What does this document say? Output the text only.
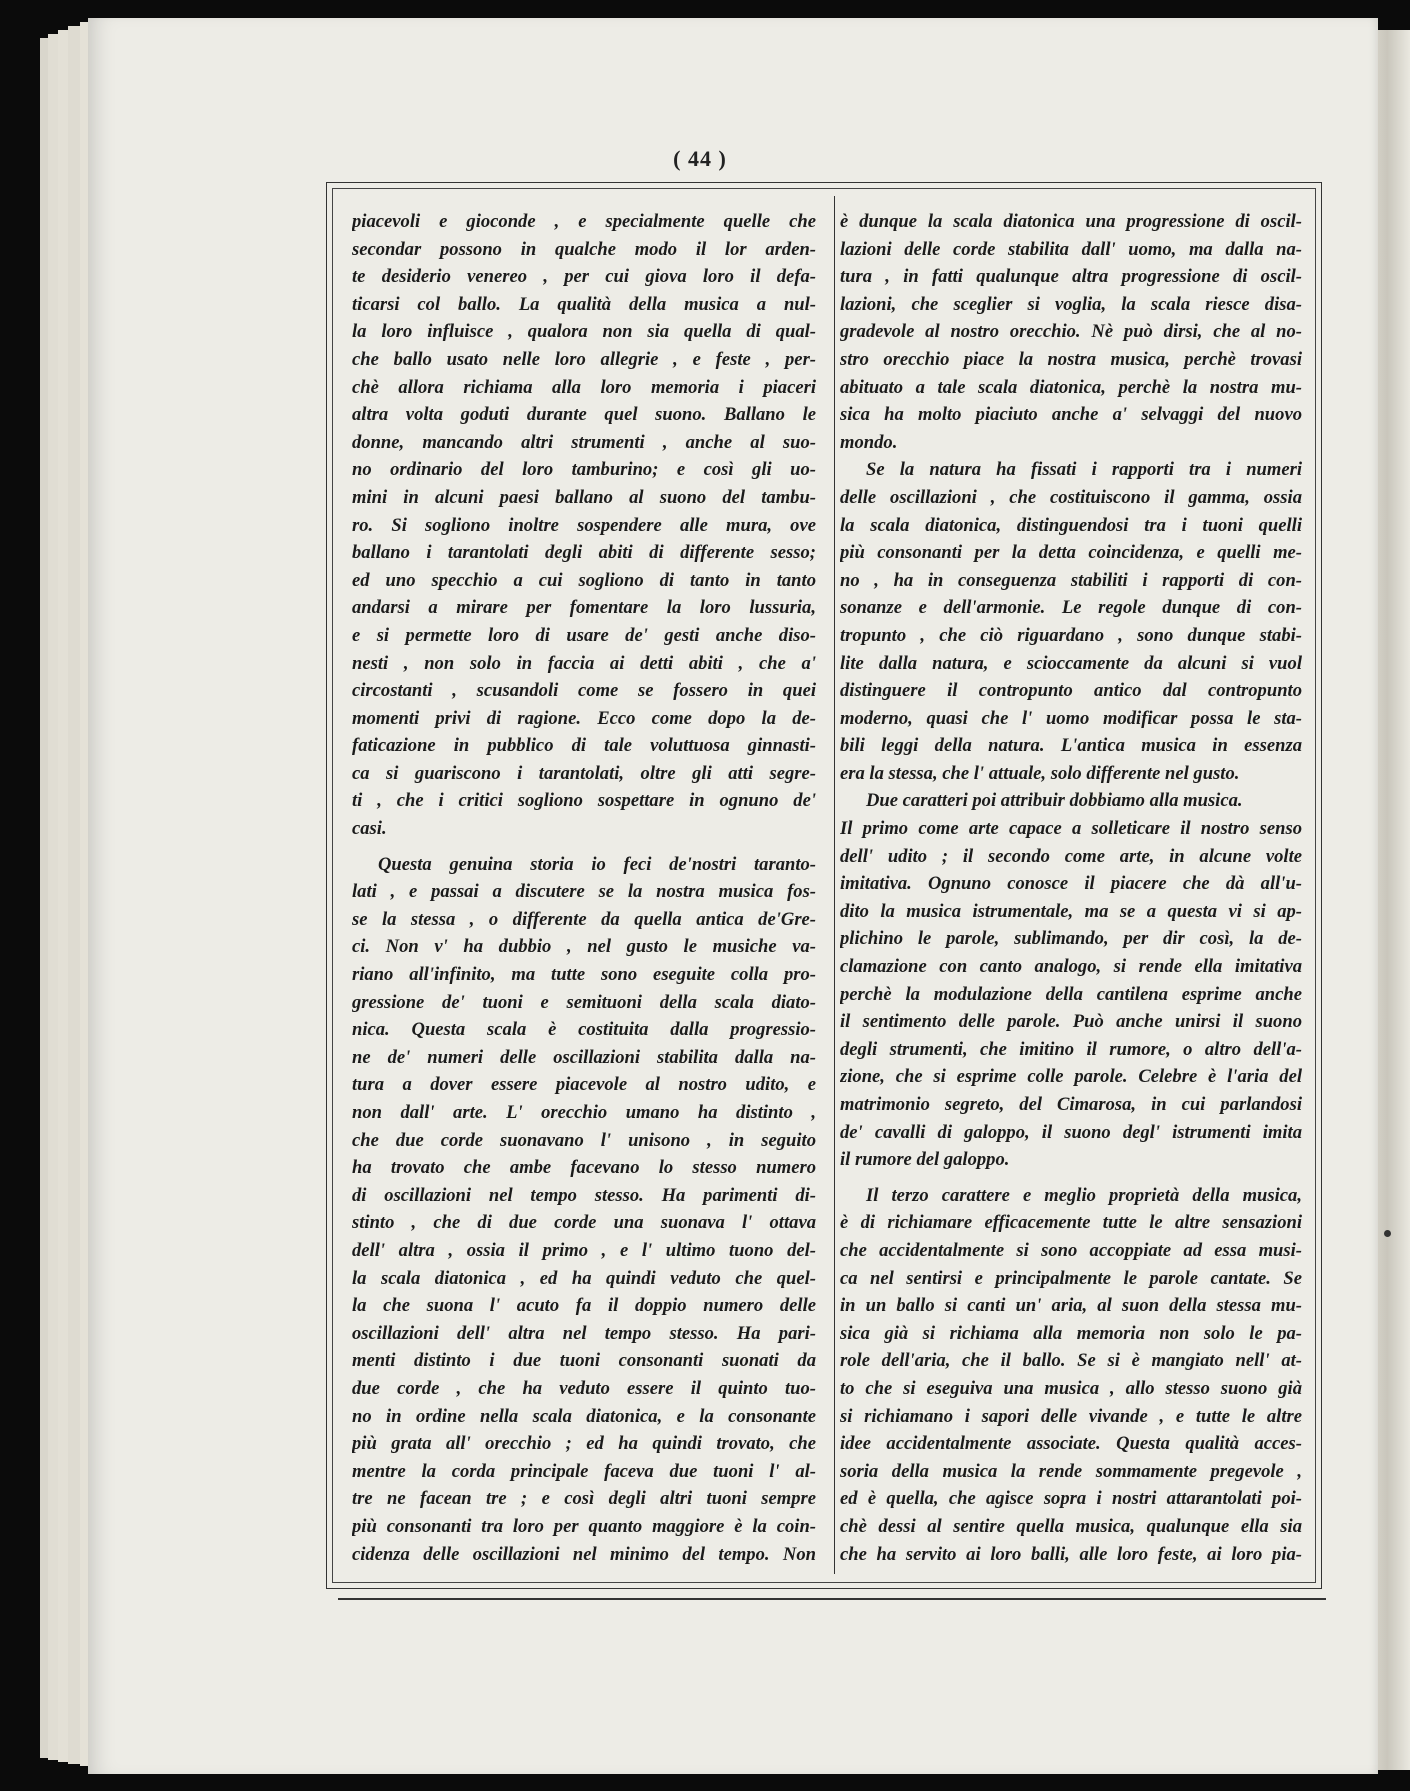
( 44 )

piacevoli e gioconde , e specialmente quelle che

secondar possono in qualche modo il lor arden-

te desiderio venereo , per cui giova loro il defa-

ticarsi col ballo. La qualità della musica a nul-

la loro influisce , qualora non sia quella di qual-

che ballo usato nelle loro allegrie , e feste , per-

chè allora richiama alla loro memoria i piaceri

altra volta goduti durante quel suono. Ballano le

donne, mancando altri strumenti , anche al suo-

no ordinario del loro tamburino; e così gli uo-

mini in alcuni paesi ballano al suono del tambu-

ro. Si sogliono inoltre sospendere alle mura, ove

ballano i tarantolati degli abiti di differente sesso;

ed uno specchio a cui sogliono di tanto in tanto

andarsi a mirare per fomentare la loro lussuria,

e si permette loro di usare de' gesti anche diso-

nesti , non solo in faccia ai detti abiti , che a'

circostanti , scusandoli come se fossero in quei

momenti privi di ragione. Ecco come dopo la de-

faticazione in pubblico di tale voluttuosa ginnasti-

ca si guariscono i tarantolati, oltre gli atti segre-

ti , che i critici sogliono sospettare in ognuno de'

casi.

Questa genuina storia io feci de'nostri taranto-

lati , e passai a discutere se la nostra musica fos-

se la stessa , o differente da quella antica de'Gre-

ci. Non v' ha dubbio , nel gusto le musiche va-

riano all'infinito, ma tutte sono eseguite colla pro-

gressione de' tuoni e semituoni della scala diato-

nica. Questa scala è costituita dalla progressio-

ne de' numeri delle oscillazioni stabilita dalla na-

tura a dover essere piacevole al nostro udito, e

non dall' arte. L' orecchio umano ha distinto ,

che due corde suonavano l' unisono , in seguito

ha trovato che ambe facevano lo stesso numero

di oscillazioni nel tempo stesso. Ha parimenti di-

stinto , che di due corde una suonava l' ottava

dell' altra , ossia il primo , e l' ultimo tuono del-

la scala diatonica , ed ha quindi veduto che quel-

la che suona l' acuto fa il doppio numero delle

oscillazioni dell' altra nel tempo stesso. Ha pari-

menti distinto i due tuoni consonanti suonati da

due corde , che ha veduto essere il quinto tuo-

no in ordine nella scala diatonica, e la consonante

più grata all' orecchio ; ed ha quindi trovato, che

mentre la corda principale faceva due tuoni l' al-

tre ne facean tre ; e così degli altri tuoni sempre

più consonanti tra loro per quanto maggiore è la coin-

cidenza delle oscillazioni nel minimo del tempo. Non

è dunque la scala diatonica una progressione di oscil-

lazioni delle corde stabilita dall' uomo, ma dalla na-

tura , in fatti qualunque altra progressione di oscil-

lazioni, che sceglier si voglia, la scala riesce disa-

gradevole al nostro orecchio. Nè può dirsi, che al no-

stro orecchio piace la nostra musica, perchè trovasi

abituato a tale scala diatonica, perchè la nostra mu-

sica ha molto piaciuto anche a' selvaggi del nuovo

mondo.

Se la natura ha fissati i rapporti tra i numeri

delle oscillazioni , che costituiscono il gamma, ossia

la scala diatonica, distinguendosi tra i tuoni quelli

più consonanti per la detta coincidenza, e quelli me-

no , ha in conseguenza stabiliti i rapporti di con-

sonanze e dell'armonie. Le regole dunque di con-

tropunto , che ciò riguardano , sono dunque stabi-

lite dalla natura, e scioccamente da alcuni si vuol

distinguere il contropunto antico dal contropunto

moderno, quasi che l' uomo modificar possa le sta-

bili leggi della natura. L'antica musica in essenza

era la stessa, che l' attuale, solo differente nel gusto.

Due caratteri poi attribuir dobbiamo alla musica.

Il primo come arte capace a solleticare il nostro senso

dell' udito ; il secondo come arte, in alcune volte

imitativa. Ognuno conosce il piacere che dà all'u-

dito la musica istrumentale, ma se a questa vi si ap-

plichino le parole, sublimando, per dir così, la de-

clamazione con canto analogo, si rende ella imitativa

perchè la modulazione della cantilena esprime anche

il sentimento delle parole. Può anche unirsi il suono

degli strumenti, che imitino il rumore, o altro dell'a-

zione, che si esprime colle parole. Celebre è l'aria del

matrimonio segreto, del Cimarosa, in cui parlandosi

de' cavalli di galoppo, il suono degl' istrumenti imita

il rumore del galoppo.

Il terzo carattere e meglio proprietà della musica,

è di richiamare efficacemente tutte le altre sensazioni

che accidentalmente si sono accoppiate ad essa musi-

ca nel sentirsi e principalmente le parole cantate. Se

in un ballo si canti un' aria, al suon della stessa mu-

sica già si richiama alla memoria non solo le pa-

role dell'aria, che il ballo. Se si è mangiato nell' at-

to che si eseguiva una musica , allo stesso suono già

si richiamano i sapori delle vivande , e tutte le altre

idee accidentalmente associate. Questa qualità acces-

soria della musica la rende sommamente pregevole ,

ed è quella, che agisce sopra i nostri attarantolati poi-

chè dessi al sentire quella musica, qualunque ella sia

che ha servito ai loro balli, alle loro feste, ai loro pia-
